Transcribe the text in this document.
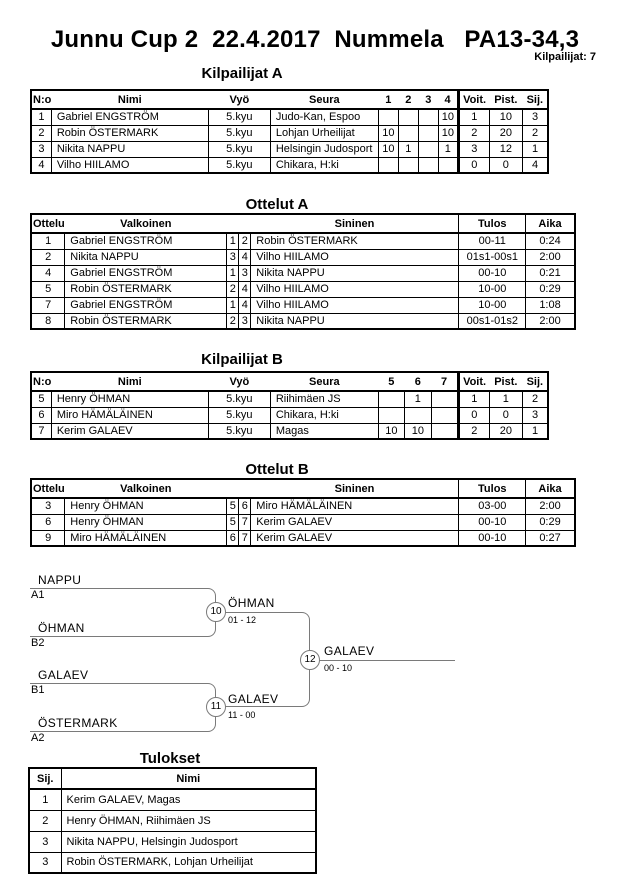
Junnu Cup 2  22.4.2017  Nummela   PA13-34,3
Kilpailijat: 7
Kilpailijat A
N:o	Nimi	Vyö	Seura	1	2	3	4	Voit.	Pist.	Sij.
1	Gabriel ENGSTRÖM	5.kyu	Judo-Kan, Espoo				10	1	10	3
2	Robin ÖSTERMARK	5.kyu	Lohjan Urheilijat	10			10	2	20	2
3	Nikita NAPPU	5.kyu	Helsingin Judosport	10	1		1	3	12	1
4	Vilho HIILAMO	5.kyu	Chikara, H:ki					0	0	4
Ottelut A
Ottelu	Valkoinen			Sininen	Tulos	Aika
1	Gabriel ENGSTRÖM	1	2	Robin ÖSTERMARK	00-11	0:24
2	Nikita NAPPU	3	4	Vilho HIILAMO	01s1-00s1	2:00
4	Gabriel ENGSTRÖM	1	3	Nikita NAPPU	00-10	0:21
5	Robin ÖSTERMARK	2	4	Vilho HIILAMO	10-00	0:29
7	Gabriel ENGSTRÖM	1	4	Vilho HIILAMO	10-00	1:08
8	Robin ÖSTERMARK	2	3	Nikita NAPPU	00s1-01s2	2:00
Kilpailijat B
N:o	Nimi	Vyö	Seura	5	6	7	Voit.	Pist.	Sij.
5	Henry ÖHMAN	5.kyu	Riihimäen JS		1		1	1	2
6	Miro HÄMÄLÄINEN	5.kyu	Chikara, H:ki				0	0	3
7	Kerim GALAEV	5.kyu	Magas	10	10		2	20	1
Ottelut B
Ottelu	Valkoinen			Sininen	Tulos	Aika
3	Henry ÖHMAN	5	6	Miro HÄMÄLÄINEN	03-00	2:00
6	Henry ÖHMAN	5	7	Kerim GALAEV	00-10	0:29
9	Miro HÄMÄLÄINEN	6	7	Kerim GALAEV	00-10	0:27
NAPPU
A1
ÖHMAN
B2
ÖHMAN
01 - 12
GALAEV
B1
ÖSTERMARK
A2
GALAEV
11 - 00
GALAEV
00 - 10
10
11
12
Tulokset
Sij.	Nimi
1	Kerim GALAEV, Magas
2	Henry ÖHMAN, Riihimäen JS
3	Nikita NAPPU, Helsingin Judosport
3	Robin ÖSTERMARK, Lohjan Urheilijat
